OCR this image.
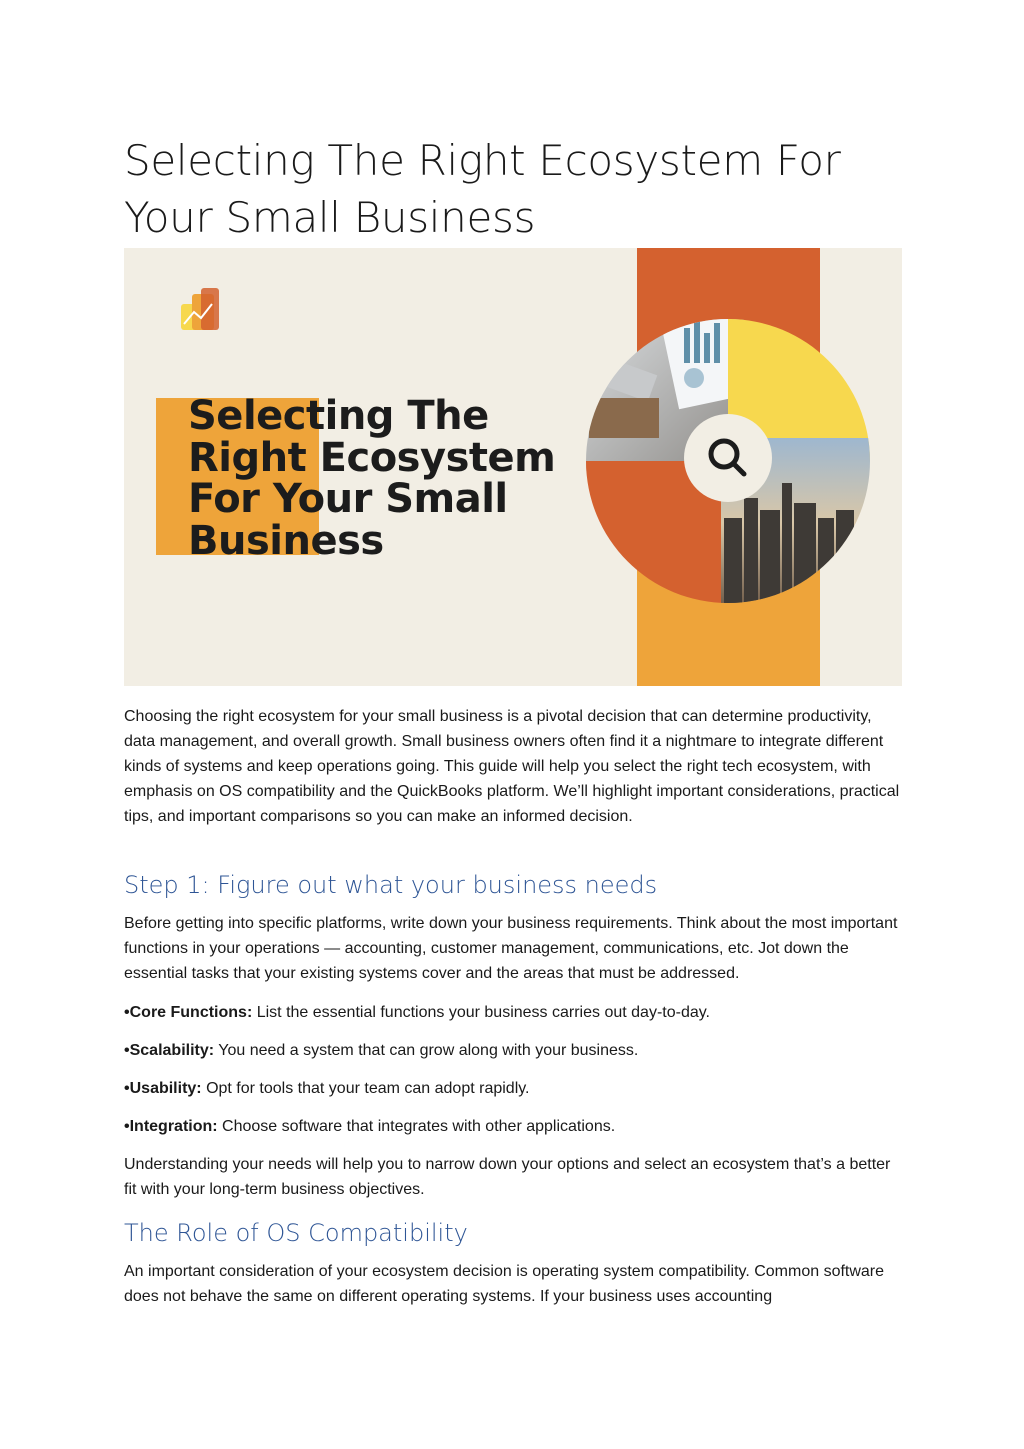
Selecting The Right Ecosystem For
Your Small Business
Selecting The
Right Ecosystem
For Your Small
Business

Choosing the right ecosystem for your small business is a pivotal decision that can determine productivity, data management, and overall growth. Small business owners often find it a nightmare to integrate different kinds of systems and keep operations going. This guide will help you select the right tech ecosystem, with emphasis on OS compatibility and the QuickBooks platform. We’ll highlight important considerations, practical tips, and important comparisons so you can make an informed decision.

Step 1: Figure out what your business needs

Before getting into specific platforms, write down your business requirements. Think about the most important functions in your operations — accounting, customer management, communications, etc. Jot down the essential tasks that your existing systems cover and the areas that must be addressed.

•Core Functions: List the essential functions your business carries out day-to-day.

•Scalability: You need a system that can grow along with your business.

•Usability: Opt for tools that your team can adopt rapidly.

•Integration: Choose software that integrates with other applications.

Understanding your needs will help you to narrow down your options and select an ecosystem that’s a better fit with your long-term business objectives.

The Role of OS Compatibility

An important consideration of your ecosystem decision is operating system compatibility. Common software does not behave the same on different operating systems. If your business uses accounting
